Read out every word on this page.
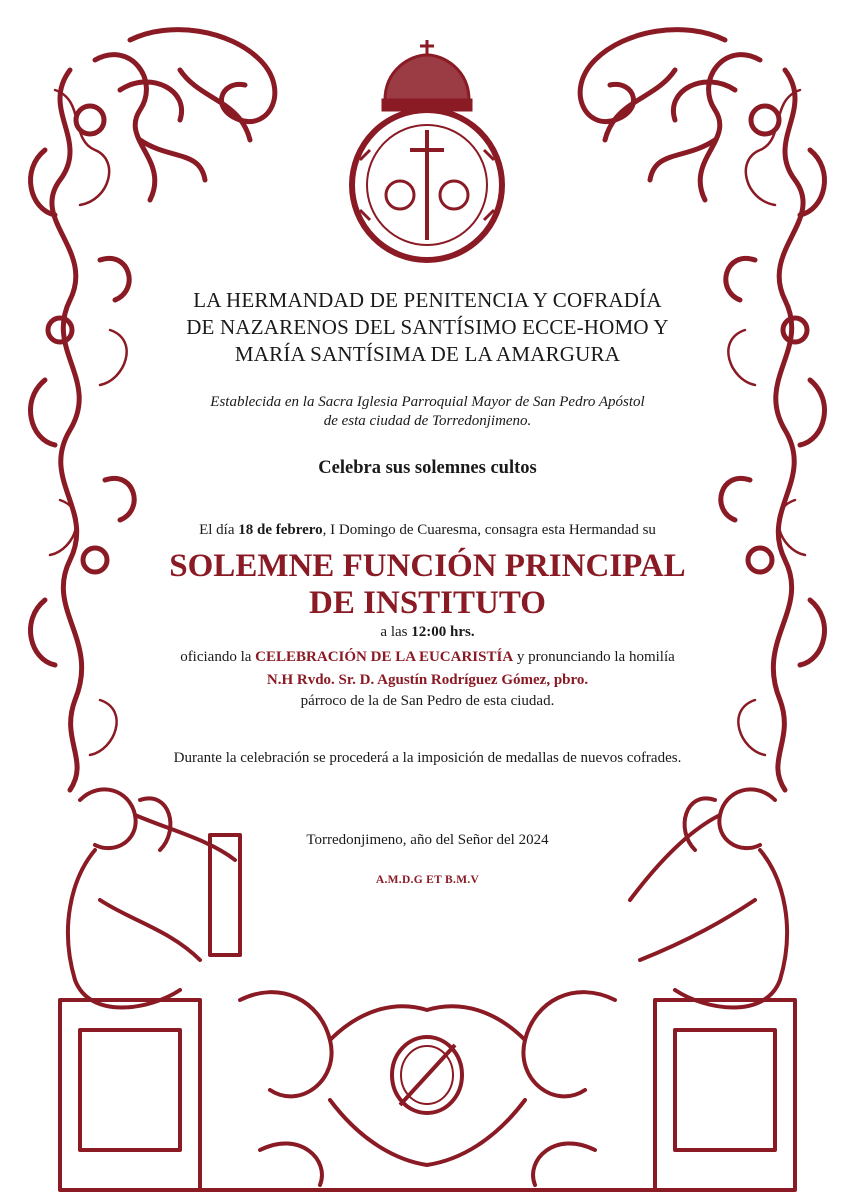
LA HERMANDAD DE PENITENCIA Y COFRADÍA
DE NAZARENOS DEL SANTÍSIMO ECCE-HOMO Y
MARÍA SANTÍSIMA DE LA AMARGURA
Establecida en la Sacra Iglesia Parroquial Mayor de San Pedro Apóstol
de esta ciudad de Torredonjimeno.
Celebra sus solemnes cultos
El día 18 de febrero, I Domingo de Cuaresma, consagra esta Hermandad su
SOLEMNE FUNCIÓN PRINCIPAL
DE INSTITUTO
a las 12:00 hrs.
oficiando la CELEBRACIÓN DE LA EUCARISTÍA y pronunciando la homilía
N.H Rvdo. Sr. D. Agustín Rodríguez Gómez, pbro.
párroco de la de San Pedro de esta ciudad.
Durante la celebración se procederá a la imposición de medallas de nuevos cofrades.
Torredonjimeno, año del Señor del 2024
A.M.D.G ET B.M.V
